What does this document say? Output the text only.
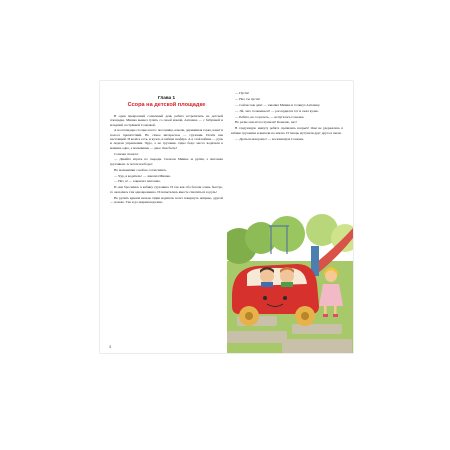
Глава 1
Ссора на детской площадке

В один прекрасный солнечный день ребята встретились на детской площадке. Мишка вышел гулять со своей мамой, Антошка — с бабушкой и младшей сестрёнкой Сонечкой.

А на площадке столько всего: песочница, качели, деревянная горка, канат и полоса препятствий. Но самое интересное — грузовик. Почти как настоящий. И колёса есть, и кузов, и кабина шофёра. А в этой кабине — руль и педали управления. Чудо, а не грузовик. Одна беда: место водителя в машине одно, а мальчишек — двое. Как быть?

Сонечка сказала:

— Давайте играть по очереди. Сначала Мишка за рулём, а Антошка грузчиком. А потом наоборот.

Но мальчишки с ней не согласились.

— Чур, я водитель! — завопил Мишка.

— Нет, я! — закричал Антошка.

И они бросились в кабину грузовика. И так как оба бегали очень быстро, то оказались там одновременно. И попытались вместе схватиться за руль!

Но рулить вдвоём нельзя. Один водитель хочет повернуть направо, другой — налево. Так и до аварии недалеко.

— Пусти!

— Нет, ты пусти!

— Сейчас как дам! — завопил Мишка и толкнул Антошку.

— Эй, чего толкаешься? — рассердился тот и сжал кулак.

— Ребята, не ссорьтесь, — испугалась Сонечка.

Но разве они её послушали? Конечно, нет!

В следующую минуту ребята сцепились всерьёз! Они не удержались в кабине грузовика и выпали на землю. И теперь мутузили друг друга в пыли.

— Драться нехорошо! — воскликнула Сонечка.

4
